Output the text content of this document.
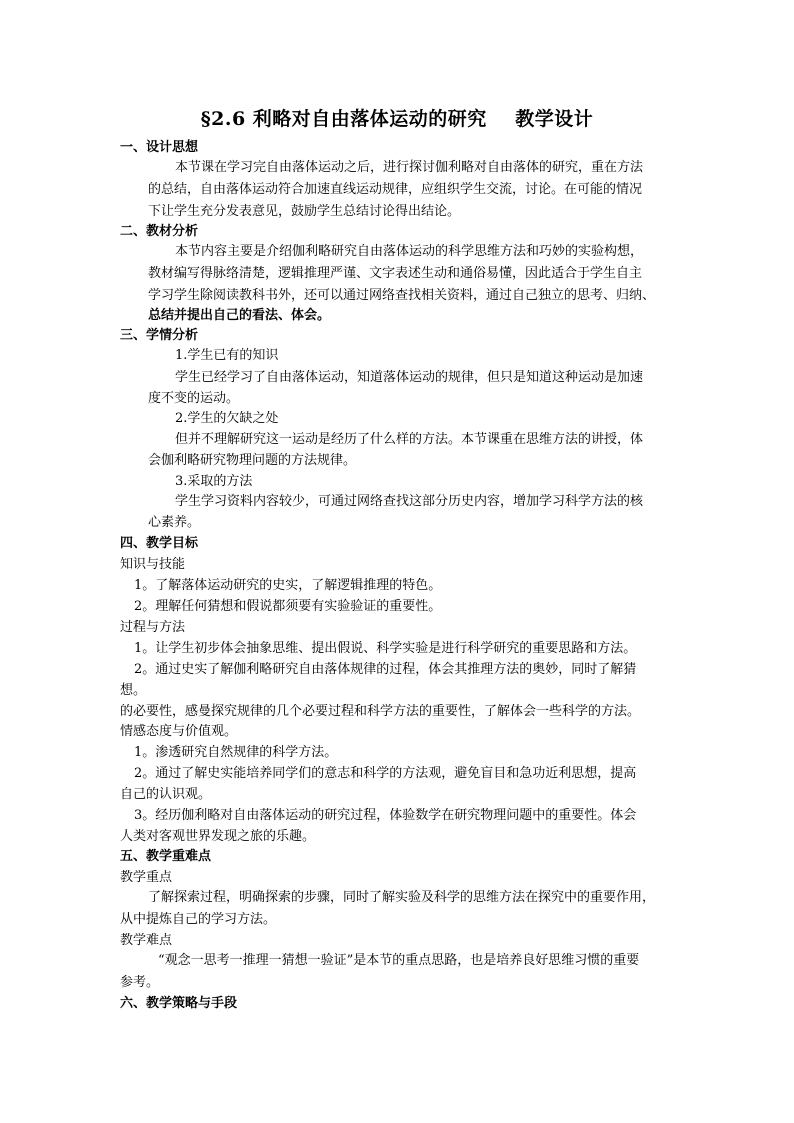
§2.6 利略对自由落体运动的研究    教学设计
一、设计思想
本节课在学习完自由落体运动之后，进行探讨伽利略对自由落体的研究，重在方法
的总结，自由落体运动符合加速直线运动规律，应组织学生交流，讨论。在可能的情况
下让学生充分发表意见，鼓励学生总结讨论得出结论。
二、教材分析
本节内容主要是介绍伽利略研究自由落体运动的科学思维方法和巧妙的实验构想，
教材编写得脉络清楚，逻辑推理严谨、文字表述生动和通俗易懂，因此适合于学生自主
学习学生除阅读教科书外，还可以通过网络查找相关资料，通过自己独立的思考、归纳、
总结并提出自己的看法、体会。
三、学情分析
1.学生已有的知识
学生已经学习了自由落体运动，知道落体运动的规律，但只是知道这种运动是加速
度不变的运动。
2.学生的欠缺之处
但并不理解研究这一运动是经历了什么样的方法。本节课重在思维方法的讲授，体
会伽利略研究物理问题的方法规律。
3.采取的方法
学生学习资料内容较少，可通过网络查找这部分历史内容，增加学习科学方法的核
心素养。
四、教学目标
知识与技能
1。了解落体运动研究的史实，了解逻辑推理的特色。
2。理解任何猜想和假说都须要有实验验证的重要性。
过程与方法
1。让学生初步体会抽象思维、提出假说、科学实验是进行科学研究的重要思路和方法。
2。通过史实了解伽利略研究自由落体规律的过程，体会其推理方法的奥妙，同时了解猜
想。
的必要性，感曼探究规律的几个必要过程和科学方法的重要性，了解体会一些科学的方法。
情感态度与价值观。
1。渗透研究自然规律的科学方法。
2。通过了解史实能培养同学们的意志和科学的方法观，避免盲目和急功近利思想，提高
自己的认识观。
3。经历伽利略对自由落体运动的研究过程，体验数学在研究物理问题中的重要性。体会
人类对客观世界发现之旅的乐趣。
五、教学重难点
教学重点
了解探索过程，明确探索的步骤，同时了解实验及科学的思维方法在探究中的重要作用，
从中提炼自己的学习方法。
教学难点
“观念一思考一推理一猜想一验证”是本节的重点思路，也是培养良好思维习惯的重要
参考。
六、教学策略与手段
